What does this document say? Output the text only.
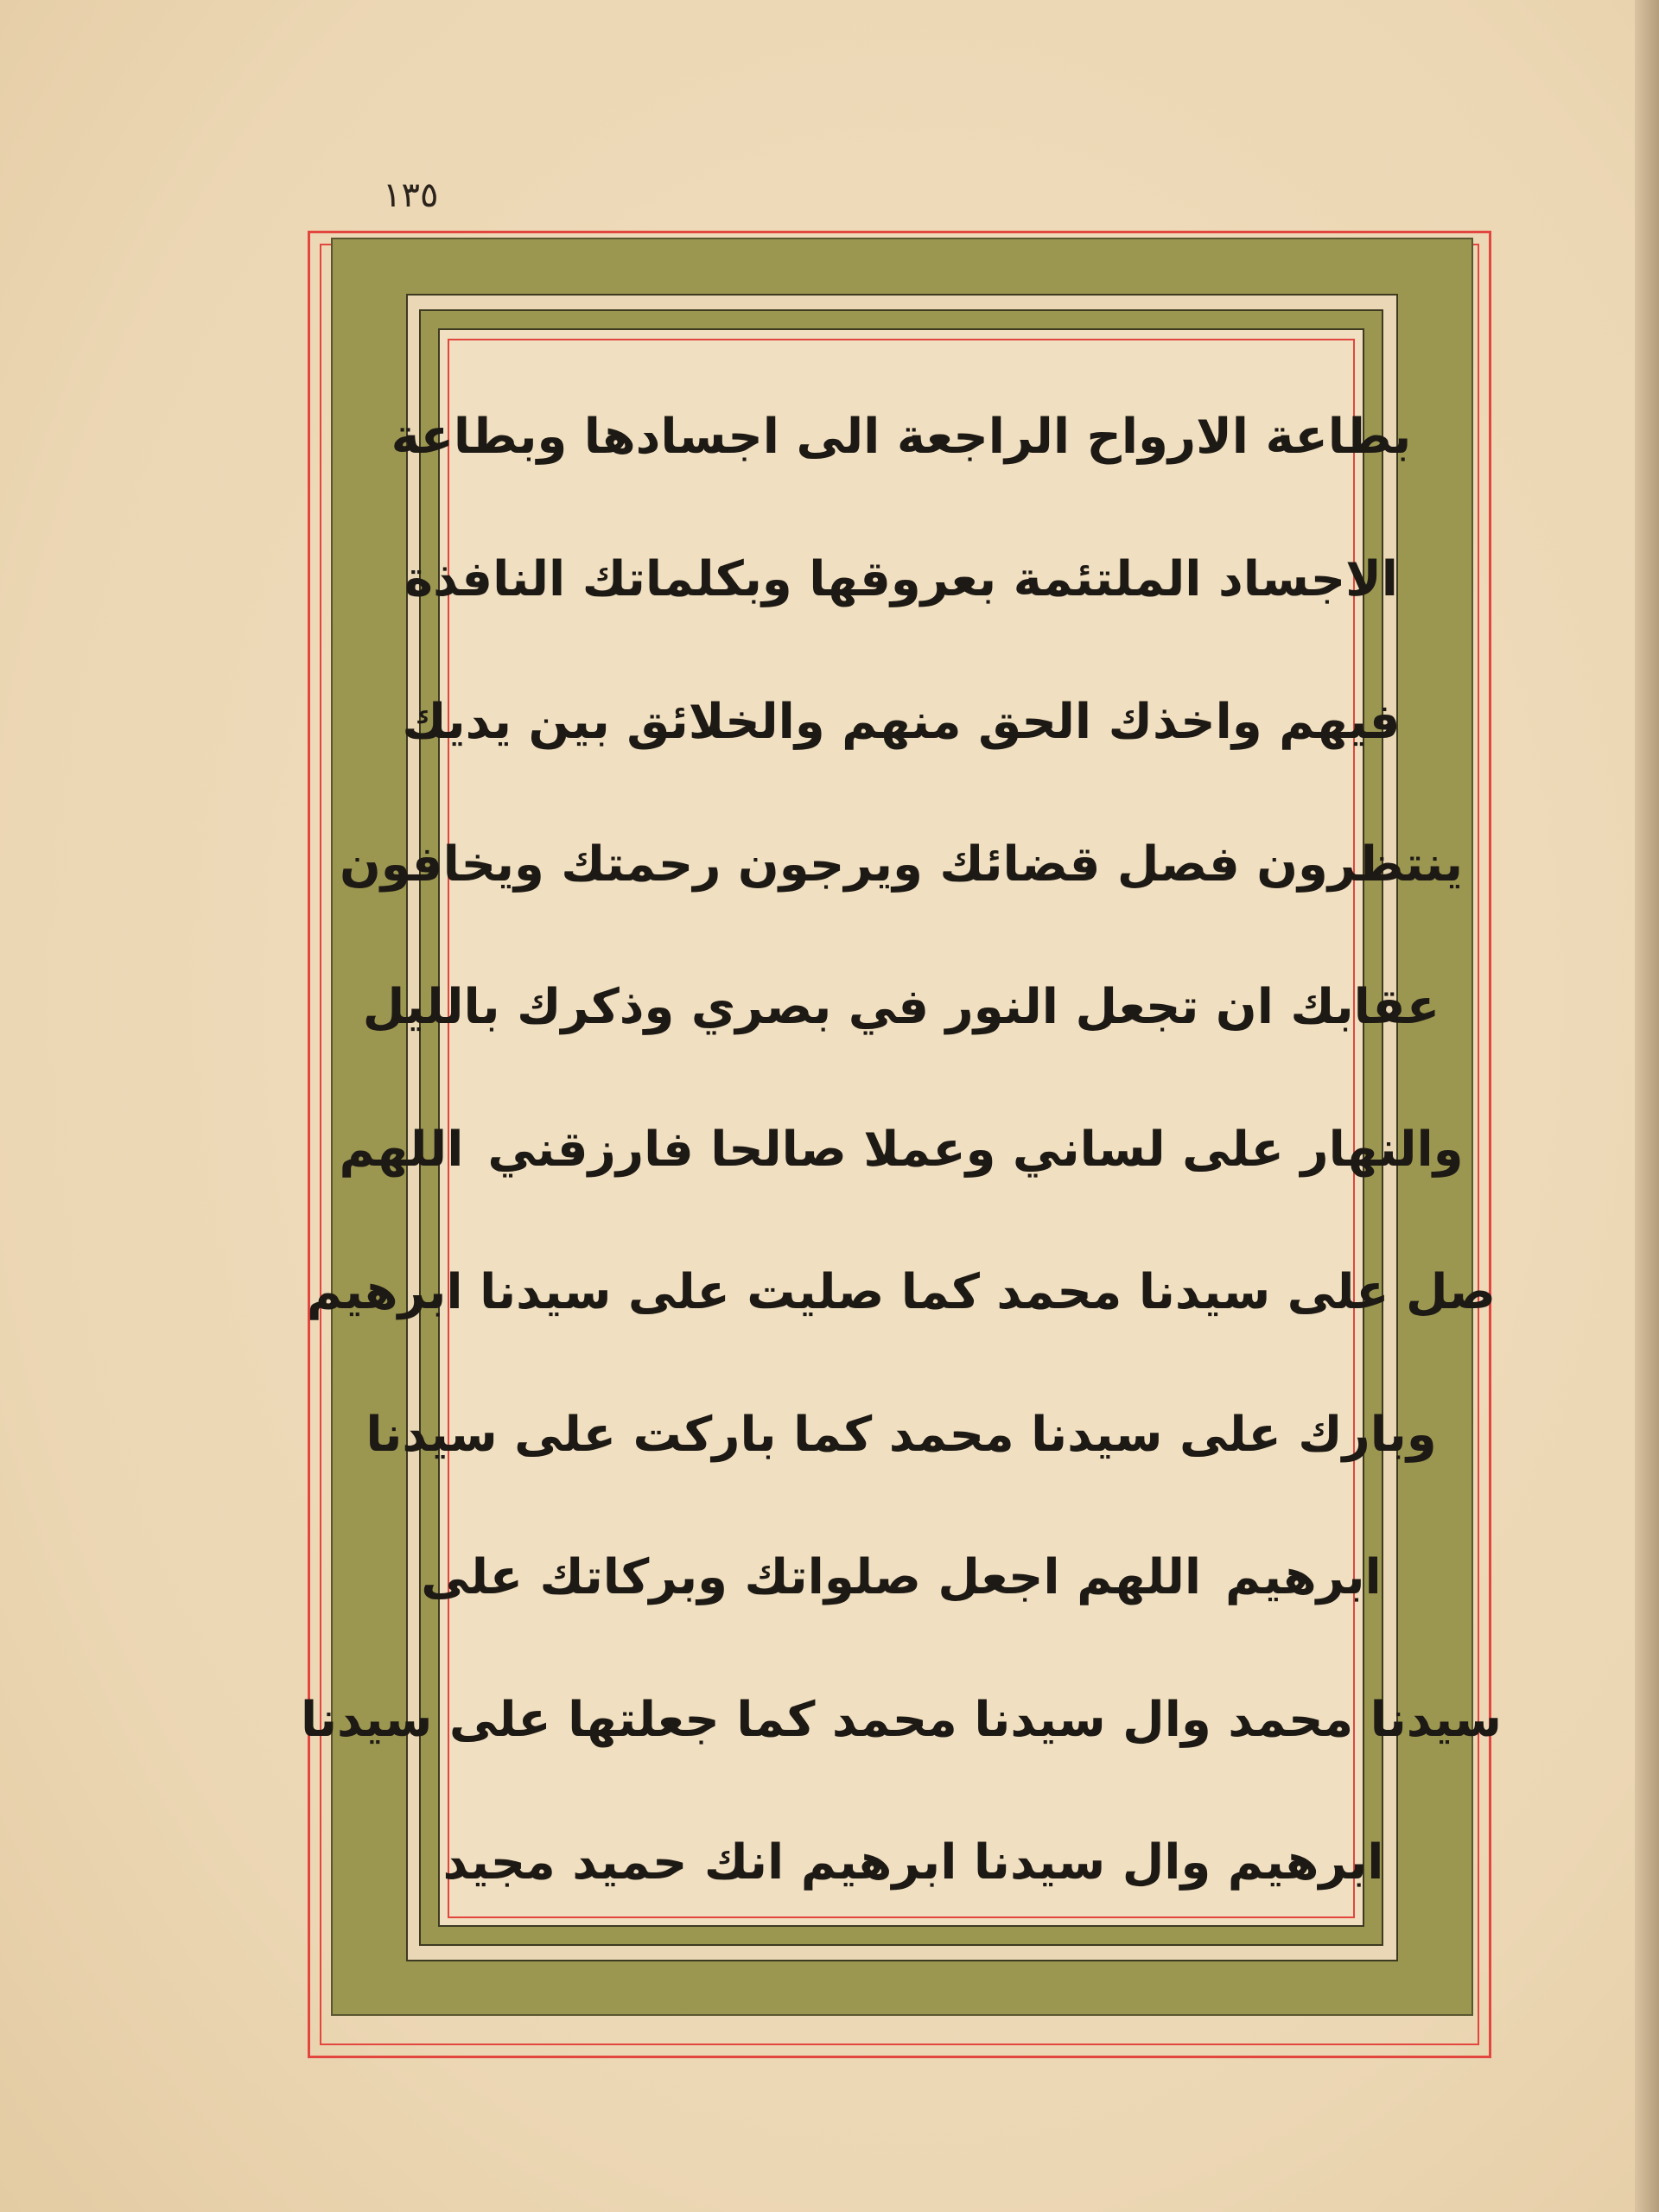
١٣٥
بطاعة الارواح الراجعة الى اجسادها وبطاعة
الاجساد الملتئمة بعروقها وبكلماتك النافذة
فيهم واخذك الحق منهم والخلائق بين يديك
ينتظرون فصل قضائك ويرجون رحمتك ويخافون
عقابك ان تجعل النور في بصري وذكرك بالليل
والنهار على لساني وعملا صالحا فارزقني
اللهم
صل على سيدنا محمد كما صليت على سيدنا ابرهيم
وبارك على سيدنا محمد كما باركت على سيدنا
ابرهيم
اللهم اجعل صلواتك وبركاتك على
سيدنا محمد وال سيدنا محمد كما جعلتها على سيدنا
ابرهيم وال سيدنا ابرهيم انك حميد مجيد
